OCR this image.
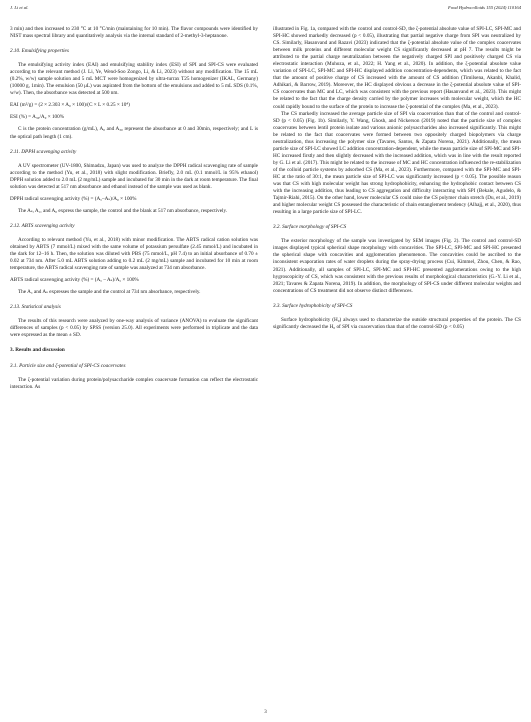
J. Li et al.	Food Hydrocolloids 155 (2024) 110164

3 min) and then increased to 230 °C at 10 °C/min (maintaining for 10 min). The flavor compounds were identified by NIST mass spectral library and quantitatively analysis via the internal standard of 2-methyl-3-heptanone.

2.10. Emulsifying properties

The emulsifying activity index (EAI) and emulsifying stability index (ESI) of SPI and SPI-CS were evaluated according to the relevant method (J. Li, Ye, Wend-Soo Zongo, Li, & Li, 2023) without any modification. The 15 mL (0.2%, w/w) sample solution and 5 mL MCT were homogenized by ultra-turrax T25 homogenizer (IKAL, Germany) (10000 g, 1min). The emulsion (50 μL) was aspirated from the bottom of the emulsions and added to 5 mL SDS (0.1%, w/w). Then, the absorbance was detected at 500 nm.

EAI (m²/g) = (2 × 2.303 × A₀ × 100)/(C × L × 0.25 × 10⁴)

ESI (%) = A₃₀/A₀ × 100%

C is the protein concentration (g/mL), A₀ and A₃₀ represent the absorbance at 0 and 30min, respectively; and L is the optical path length (1 cm).

2.11. DPPH scavenging activity

A UV spectrometer (UV-1800, Shimadzu, Japan) was used to analyze the DPPH radical scavenging rate of sample according to the method (Yu, et al., 2018) with slight modification. Briefly, 2.0 mL (0.1 mmol/L in 95% ethanol) DPPH solution added to 2.0 mL (2 mg/mL) sample and incubated for 30 min in the dark at room temperature. The final solution was detected at 517 nm absorbance and ethanol instead of the sample was used as blank.

DPPH radical scavenging activity (%) = (A꜀–Aₛ)/A₀ × 100%

The Aₛ, A꜀, and A₀ express the sample, the control and the blank at 517 nm absorbance, respectively.

2.12. ABTS scavenging activity

According to relevant method (Yu, et al., 2018) with minor modification. The ABTS radical cation solution was obtained by ABTS (7 mmol/L) mixed with the same volume of potassium persulfate (2.45 mmol/L) and incubated in the dark for 12–16 h. Then, the solution was diluted with PBS (75 mmol/L, pH 7.4) to an initial absorbance of 0.70 ± 0.02 at 734 nm. After 5.0 mL ABTS solution adding to 0.2 mL (2 mg/mL) sample and incubated for 10 min at room temperature, the ABTS radical scavenging rate of sample was analyzed at 734 nm absorbance.

ABTS radical scavenging activity (%) = (A꜀ – Aₛ)/A꜀ × 100%

The A꜀ and Aₛ expresses the sample and the control at 734 nm absorbance, respectively.

2.13. Statistical analysis

The results of this research were analyzed by one-way analysis of variance (ANOVA) to evaluate the significant differences of samples (p < 0.05) by SPSS (version 25.0). All experiments were performed in triplicate and the data were expressed as the mean ± SD.

3. Results and discussion

3.1. Particle size and ζ-potential of SPI-CS coacervates

The ζ-potential variation during protein/polysaccharide complex coacervate formation can reflect the electrostatic interaction. As

illustrated in Fig. 1a, compared with the control and control-SD, the ζ-potential absolute value of SPI-LC, SPI-MC and SPI-HC showed markedly decreased (p < 0.05), illustrating that partial negative charge from SPI was neutralized by CS. Similarly, Hasanvand and Razavi (2023) indicated that the ζ-potential absolute value of the complex coacervates between milk proteins and different molecular weight CS significantly decreased at pH 7. The results might be attributed to the partial charge neutralization between the negatively charged SPI and positively charged CS via electrostatic interaction (Muhoza, et al., 2022; H. Yang et al., 2020). In addition, the ζ-potential absolute value variation of SPI-LC, SPI-MC and SPI-HC displayed addition concentration-dependents, which was related to the fact that the amount of positive charge of CS increased with the amount of CS addition (Timilsena, Akanbi, Khalid, Adhikari, & Barrow, 2019). Moreover, the HC displayed obvious a decrease in the ζ-potential absolute value of SPI-CS coacervates than MC and LC, which was consistent with the previous report (Hasanvand et al., 2023). This might be related to the fact that the charge density carried by the polymer increases with molecular weight, which the HC could rapidly bound to the surface of the protein to increase the ζ-potential of the complex (Ma, et al., 2023).

The CS markedly increased the average particle size of SPI via coacervation than that of the control and control-SD (p < 0.05) (Fig. 1b). Similarly, Y. Wang, Ghosh, and Nickerson (2019) noted that the particle size of complex coacervates between lentil protein isolate and various anionic polysaccharides also increased significantly. This might be related to the fact that coacervates were formed between two oppositely charged biopolymers via charge neutralization, thus increasing the polymer size (Tavares, Santos, & Zapata Norena, 2021). Additionally, the mean particle size of SPI-LC showed LC addition concentration-dependent, while the mean particle size of SPI-MC and SPI-HC increased firstly and then slightly decreased with the increased addition, which was in line with the result reported by G. Li et al. (2017). This might be related to the increase of MC and HC concentration influenced the re-stabilization of the colloid particle systems by adsorbed CS (Ma, et al., 2023). Furthermore, compared with the SPI-MC and SPI-HC at the ratio of 30:1, the mean particle size of SPI-LC was significantly increased (p < 0.05). The possible reason was that CS with high molecular weight has strong hydrophobicity, enhancing the hydrophobic contact between CS with the increasing addition, thus leading to CS aggregation and difficulty interacting with SPI (Bekale, Agudelo, & Tajmir-Riahi, 2015). On the other hand, lower molecular CS could raise the CS polymer chain stretch (Du, et al., 2019) and higher molecular weight CS possessed the characteristic of chain entanglement tendency (Alhajj, et al., 2020), thus resulting in a large particle size of SPI-LC.

3.2. Surface morphology of SPI-CS

The exterior morphology of the sample was investigated by SEM images (Fig. 2). The control and control-SD images displayed typical spherical shape morphology with concavities. The SPI-LC, SPI-MC and SPI-HC presented the spherical shape with concavities and agglomeration phenomenon. The concavities could be ascribed to the inconsistent evaporation rates of water droplets during the spray-drying process (Cui, Kimmel, Zhou, Chen, & Rao, 2021). Additionally, all samples of SPI-LC, SPI-MC and SPI-HC presented agglomerations owing to the high hygroscopicity of CS, which was consistent with the previous results of morphological characteristics (G.-Y. Li et al., 2021; Tavares & Zapata Norena, 2019). In addition, the morphology of SPI-CS under different molecular weights and concentrations of CS treatment did not observe distinct differences.

3.3. Surface hydrophobicity of SPI-CS

Surface hydrophobicity (H₀) always used to characterize the outside structural properties of the protein. The CS significantly decreased the H₀ of SPI via coacervation than that of the control-SD (p < 0.05)

3
